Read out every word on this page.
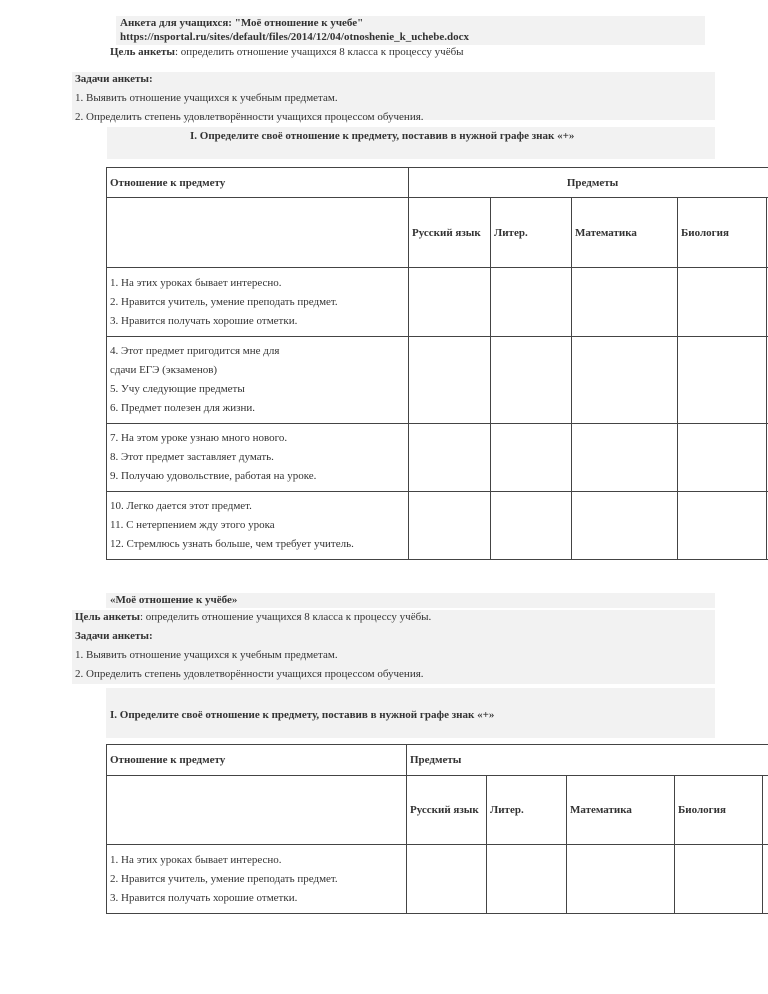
Анкета для учащихся: "Моё отношение к учебе"
https://nsportal.ru/sites/default/files/2014/12/04/otnoshenie_k_uchebe.docx
Цель анкеты: определить отношение учащихся 8 класса к процессу учёбы
Задачи анкеты:
1. Выявить отношение учащихся к учебным предметам.
2. Определить степень удовлетворённости учащихся процессом обучения.
I. Определите своё отношение к предмету, поставив в нужной графе знак «+»
Отношение к предмету	Предметы				
	Русский язык	Литер.	Математика	Биология	

1. На этих уроках бывает интересно.
2. Нравится учитель, умение преподать предмет.
3. Нравится получать хорошие отметки.					

4. Этот предмет пригодится мне для
сдачи ЕГЭ (экзаменов)
5. Учу следующие предметы
6. Предмет полезен для жизни.					

7. На этом уроке узнаю много нового.
8. Этот предмет заставляет думать.
9. Получаю удовольствие, работая на уроке.					

10. Легко дается этот предмет.
11. С нетерпением жду этого урока
12. Стремлюсь узнать больше, чем требует учитель.					

«Моё отношение к учёбе»
Цель анкеты: определить отношение учащихся 8 класса к процессу учёбы.
Задачи анкеты:
1. Выявить отношение учащихся к учебным предметам.
2. Определить степень удовлетворённости учащихся процессом обучения.
I. Определите своё отношение к предмету, поставив в нужной графе знак «+»
Отношение к предмету	Предметы				
	Русский язык	Литер.	Математика	Биология	

1. На этих уроках бывает интересно.
2. Нравится учитель, умение преподать предмет.
3. Нравится получать хорошие отметки.					
